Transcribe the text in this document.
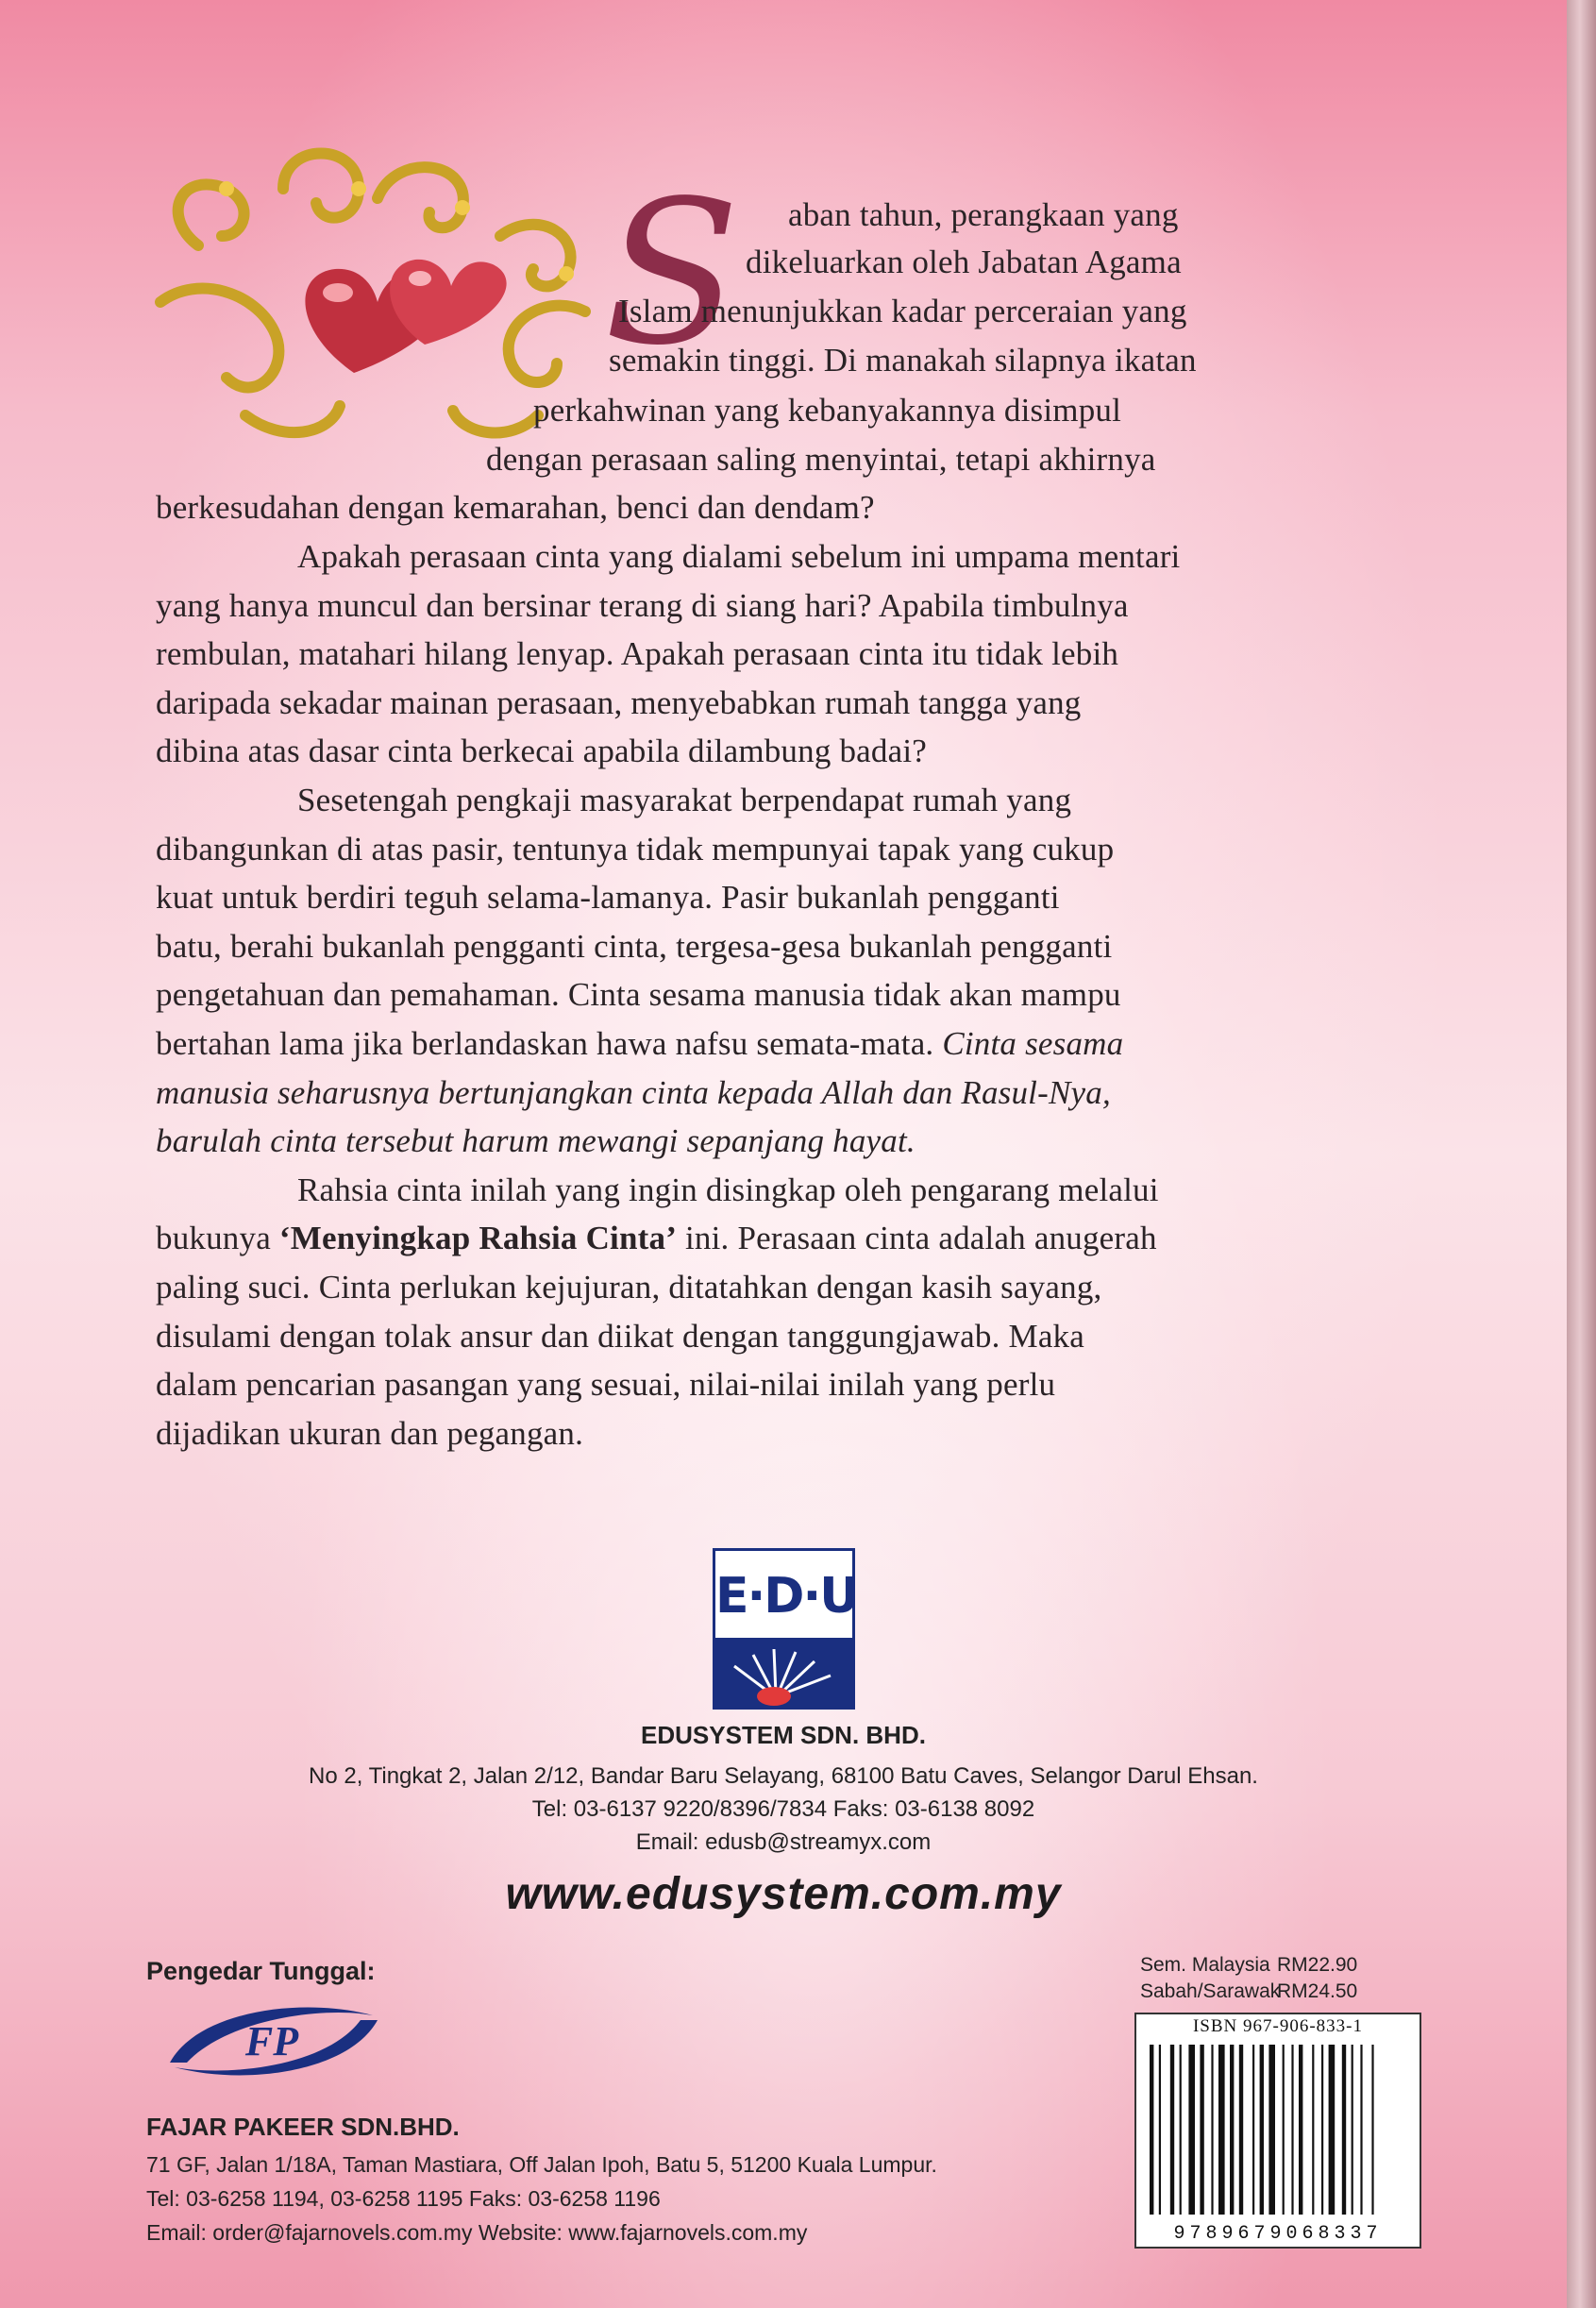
S aban tahun, perangkaan yang
dikeluarkan oleh Jabatan Agama
Islam menunjukkan kadar perceraian yang
semakin tinggi. Di manakah silapnya ikatan
perkahwinan yang kebanyakannya disimpul
dengan perasaan saling menyintai, tetapi akhirnya
berkesudahan dengan kemarahan, benci dan dendam?
Apakah perasaan cinta yang dialami sebelum ini umpama mentari
yang hanya muncul dan bersinar terang di siang hari? Apabila timbulnya
rembulan, matahari hilang lenyap. Apakah perasaan cinta itu tidak lebih
daripada sekadar mainan perasaan, menyebabkan rumah tangga yang
dibina atas dasar cinta berkecai apabila dilambung badai?
Sesetengah pengkaji masyarakat berpendapat rumah yang
dibangunkan di atas pasir, tentunya tidak mempunyai tapak yang cukup
kuat untuk berdiri teguh selama-lamanya. Pasir bukanlah pengganti
batu, berahi bukanlah pengganti cinta, tergesa-gesa bukanlah pengganti
pengetahuan dan pemahaman. Cinta sesama manusia tidak akan mampu
bertahan lama jika berlandaskan hawa nafsu semata-mata. Cinta sesama
manusia seharusnya bertunjangkan cinta kepada Allah dan Rasul-Nya,
barulah cinta tersebut harum mewangi sepanjang hayat.
Rahsia cinta inilah yang ingin disingkap oleh pengarang melalui
bukunya ‘Menyingkap Rahsia Cinta’ ini. Perasaan cinta adalah anugerah
paling suci. Cinta perlukan kejujuran, ditatahkan dengan kasih sayang,
disulami dengan tolak ansur dan diikat dengan tanggungjawab. Maka
dalam pencarian pasangan yang sesuai, nilai-nilai inilah yang perlu
dijadikan ukuran dan pegangan.
E·D·U
EDUSYSTEM SDN. BHD.
No 2, Tingkat 2, Jalan 2/12, Bandar Baru Selayang, 68100 Batu Caves, Selangor Darul Ehsan.
Tel: 03-6137 9220/8396/7834 Faks: 03-6138 8092
Email: edusb@streamyx.com
www.edusystem.com.my
Pengedar Tunggal:
FP
FAJAR PAKEER SDN.BHD.
71 GF, Jalan 1/18A, Taman Mastiara, Off Jalan Ipoh, Batu 5, 51200 Kuala Lumpur.
Tel: 03-6258 1194, 03-6258 1195 Faks: 03-6258 1196
Email: order@fajarnovels.com.my Website: www.fajarnovels.com.my
Sem. Malaysia RM22.90
Sabah/Sarawak
RM24.50
ISBN 967-906-833-1
9789679068337
